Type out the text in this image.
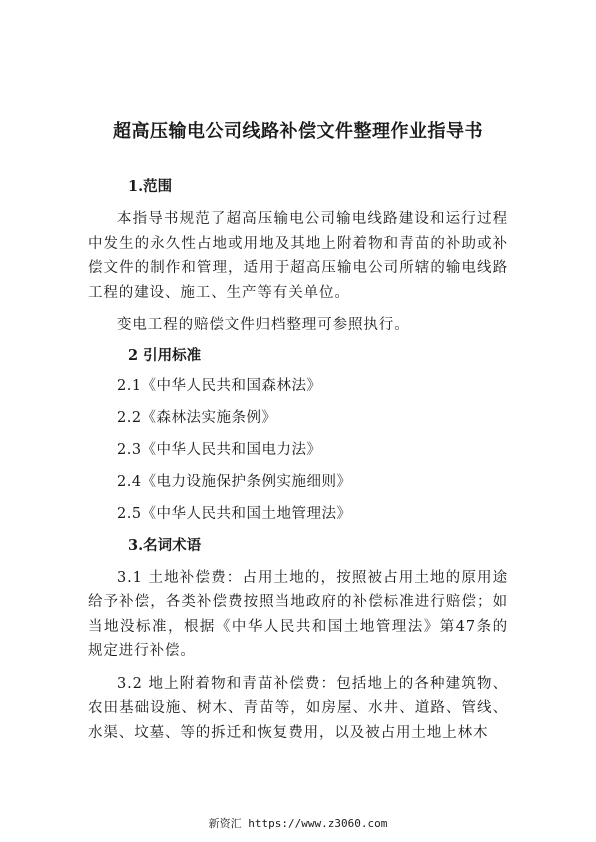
超高压输电公司线路补偿文件整理作业指导书
1.范围

本指导书规范了超高压输电公司输电线路建设和运行过程中发生的永久性占地或用地及其地上附着物和青苗的补助或补偿文件的制作和管理，适用于超高压输电公司所辖的输电线路工程的建设、施工、生产等有关单位。

变电工程的赔偿文件归档整理可参照执行。

2 引用标准
2.1《中华人民共和国森林法》
2.2《森林法实施条例》
2.3《中华人民共和国电力法》
2.4《电力设施保护条例实施细则》
2.5《中华人民共和国土地管理法》
3.名词术语

3.1 土地补偿费：占用土地的，按照被占用土地的原用途给予补偿，各类补偿费按照当地政府的补偿标准进行赔偿；如当地没标准，根据《中华人民共和国土地管理法》第47条的规定进行补偿。

3.2 地上附着物和青苗补偿费：包括地上的各种建筑物、农田基础设施、树木、青苗等，如房屋、水井、道路、管线、水渠、坟墓、等的拆迁和恢复费用，以及被占用土地上林木

新资汇 https://www.z3060.com
